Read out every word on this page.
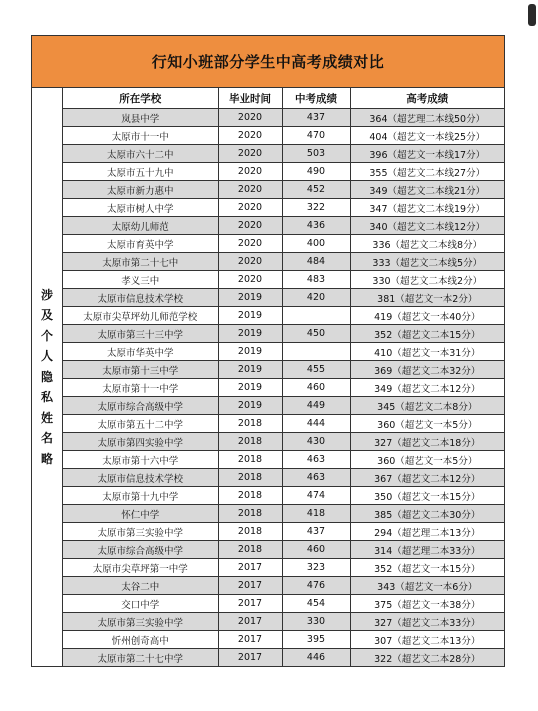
行知小班部分学生中高考成绩对比
涉及个人隐私姓名略
所在学校	毕业时间	中考成绩	高考成绩
岚县中学	2020	437	364（超艺理二本线50分）
太原市十一中	2020	470	404（超艺文一本线25分）
太原市六十二中	2020	503	396（超艺文一本线17分）
太原市五十九中	2020	490	355（超艺文二本线27分）
太原市新力惠中	2020	452	349（超艺文二本线21分）
太原市树人中学	2020	322	347（超艺文二本线19分）
太原幼儿师范	2020	436	340（超艺文二本线12分）
太原市育英中学	2020	400	336（超艺文二本线8分）
太原市第二十七中	2020	484	333（超艺文二本线5分）
孝义三中	2020	483	330（超艺文二本线2分）
太原市信息技术学校	2019	420	381（超艺文一本2分）
太原市尖草坪幼儿师范学校	2019		419（超艺文一本40分）
太原市第三十三中学	2019	450	352（超艺文二本15分）
太原市华英中学	2019		410（超艺文一本31分）
太原市第十三中学	2019	455	369（超艺文二本32分）
太原市第十一中学	2019	460	349（超艺文二本12分）
太原市综合高级中学	2019	449	345（超艺文二本8分）
太原市第五十二中学	2018	444	360（超艺文一本5分）
太原市第四实验中学	2018	430	327（超艺文二本18分）
太原市第十六中学	2018	463	360（超艺文一本5分）
太原市信息技术学校	2018	463	367（超艺文二本12分）
太原市第十九中学	2018	474	350（超艺文一本15分）
怀仁中学	2018	418	385（超艺文二本30分）
太原市第三实验中学	2018	437	294（超艺理二本13分）
太原市综合高级中学	2018	460	314（超艺理二本33分）
太原市尖草坪第一中学	2017	323	352（超艺文一本15分）
太谷二中	2017	476	343（超艺文一本6分）
交口中学	2017	454	375（超艺文一本38分）
太原市第三实验中学	2017	330	327（超艺文二本33分）
忻州创奇高中	2017	395	307（超艺文二本13分）
太原市第二十七中学	2017	446	322（超艺文二本28分）
